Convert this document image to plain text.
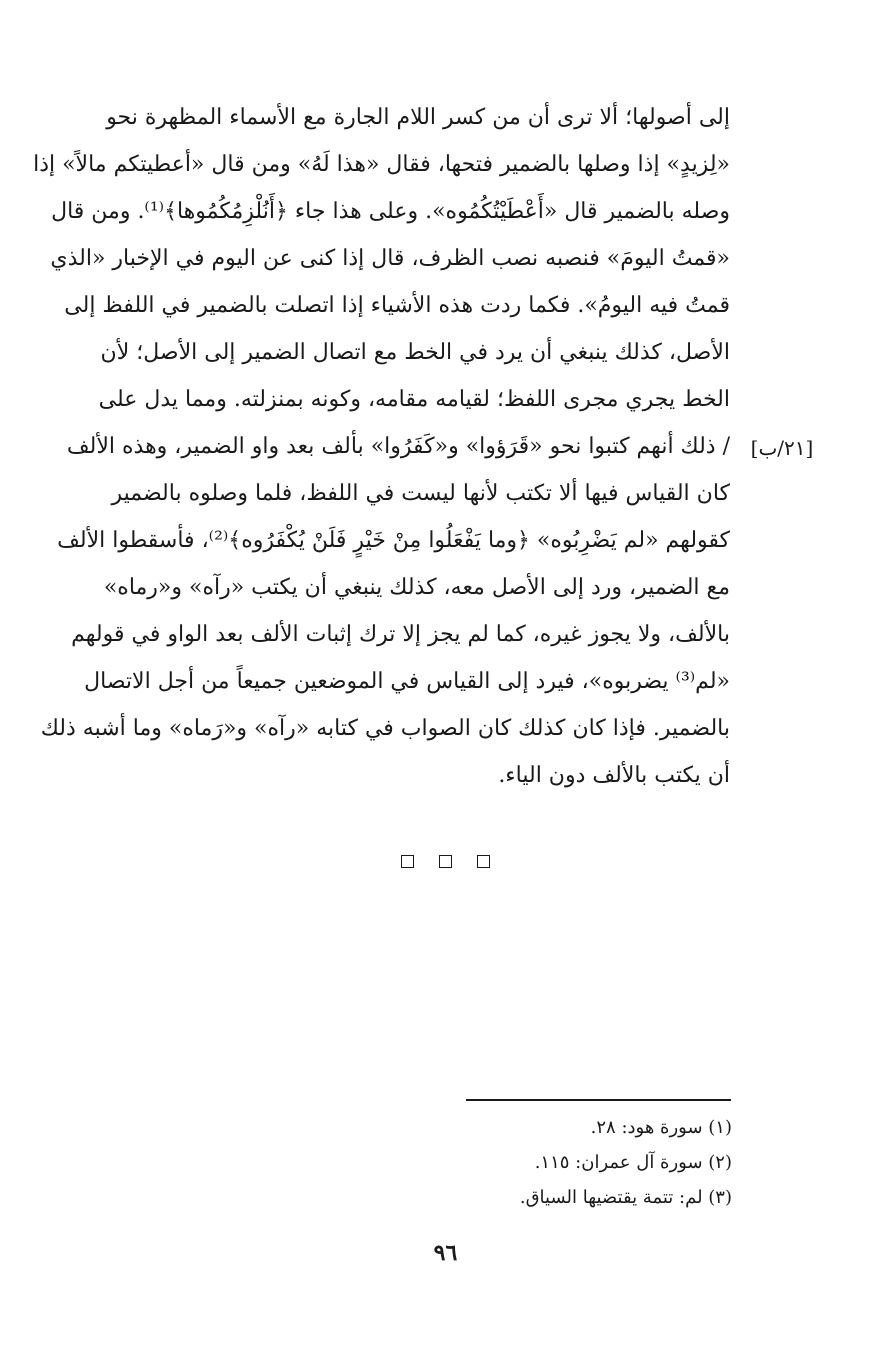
إلى أصولها؛ ألا ترى أن من كسر اللام الجارة مع الأسماء المظهرة نحو
«لِزيدٍ» إذا وصلها بالضمير فتحها، فقال «هذا لَهُ» ومن قال «أعطيتكم مالاً» إذا
وصله بالضمير قال «أَعْطَيْتُكُمُوه». وعلى هذا جاء ﴿أَنُلْزِمُكُمُوها﴾⁽¹⁾. ومن قال
«قمتُ اليومَ» فنصبه نصب الظرف، قال إذا كنى عن اليوم في الإخبار «الذي
قمتُ فيه اليومُ». فكما ردت هذه الأشياء إذا اتصلت بالضمير في اللفظ إلى
الأصل، كذلك ينبغي أن يرد في الخط مع اتصال الضمير إلى الأصل؛ لأن
الخط يجري مجرى اللفظ؛ لقيامه مقامه، وكونه بمنزلته. ومما يدل على
/ ذلك أنهم كتبوا نحو «قَرَؤوا» و«كَفَرُوا» بألف بعد واو الضمير، وهذه الألف
كان القياس فيها ألا تكتب لأنها ليست في اللفظ، فلما وصلوه بالضمير
كقولهم «لم يَضْرِبُوه» ﴿وما يَفْعَلُوا مِنْ خَيْرٍ فَلَنْ يُكْفَرُوه﴾⁽²⁾، فأسقطوا الألف
مع الضمير، ورد إلى الأصل معه، كذلك ينبغي أن يكتب «رآه» و«رماه»
بالألف، ولا يجوز غيره، كما لم يجز إلا ترك إثبات الألف بعد الواو في قولهم
«لم⁽³⁾ يضربوه»، فيرد إلى القياس في الموضعين جميعاً من أجل الاتصال
بالضمير. فإذا كان كذلك كان الصواب في كتابه «رآه» و«رَماه» وما أشبه ذلك
أن يكتب بالألف دون الياء.
[٢١/ب]

(١) سورة هود: ٢٨.
(٢) سورة آل عمران: ١١٥.
(٣) لم: تتمة يقتضيها السياق.
٩٦
